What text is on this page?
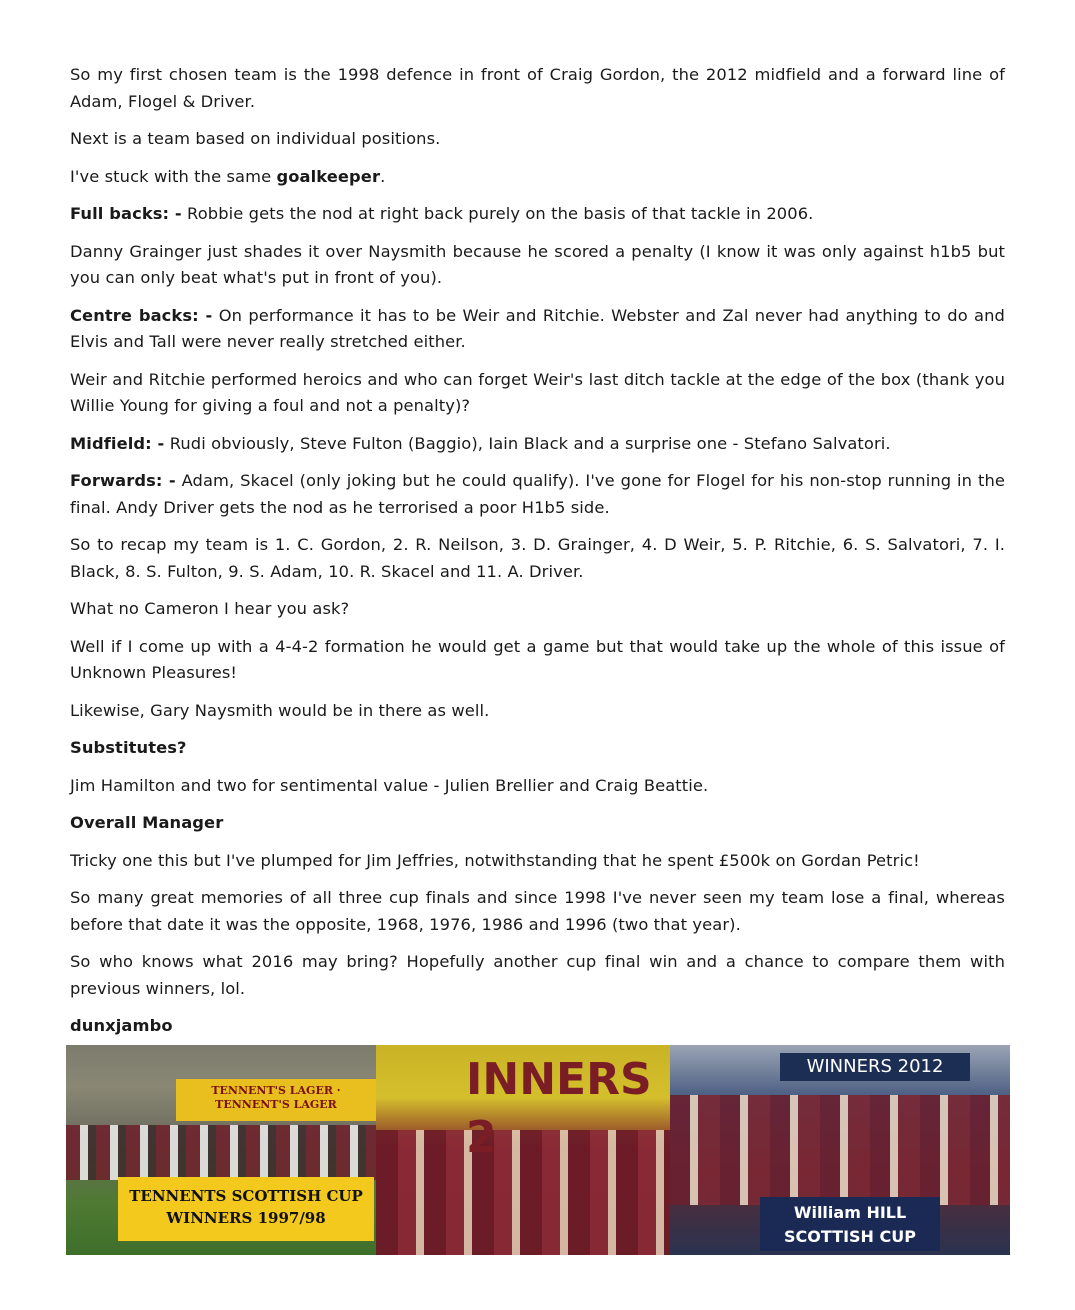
So my first chosen team is the 1998 defence in front of Craig Gordon, the 2012 midfield and a forward line of Adam, Flogel & Driver.

Next is a team based on individual positions.

I've stuck with the same goalkeeper.

Full backs: - Robbie gets the nod at right back purely on the basis of that tackle in 2006.

Danny Grainger just shades it over Naysmith because he scored a penalty (I know it was only against h1b5 but you can only beat what's put in front of you).

Centre backs: - On performance it has to be Weir and Ritchie. Webster and Zal never had anything to do and Elvis and Tall were never really stretched either.

Weir and Ritchie performed heroics and who can forget Weir's last ditch tackle at the edge of the box (thank you Willie Young for giving a foul and not a penalty)?

Midfield: - Rudi obviously, Steve Fulton (Baggio), Iain Black and a surprise one - Stefano Salvatori.

Forwards: - Adam, Skacel (only joking but he could qualify). I've gone for Flogel for his non-stop running in the final. Andy Driver gets the nod as he terrorised a poor H1b5 side.

So to recap my team is 1. C. Gordon, 2. R. Neilson, 3. D. Grainger, 4. D Weir, 5. P. Ritchie, 6. S. Salvatori, 7. I. Black, 8. S. Fulton, 9. S. Adam, 10. R. Skacel and 11. A. Driver.

What no Cameron I hear you ask?

Well if I come up with a 4-4-2 formation he would get a game but that would take up the whole of this issue of Unknown Pleasures!

Likewise, Gary Naysmith would be in there as well.

Substitutes?

Jim Hamilton and two for sentimental value - Julien Brellier and Craig Beattie.

Overall Manager

Tricky one this but I've plumped for Jim Jeffries, notwithstanding that he spent £500k on Gordan Petric!

So many great memories of all three cup finals and since 1998 I've never seen my team lose a final, whereas before that date it was the opposite, 1968, 1976, 1986 and 1996 (two that year).

So who knows what 2016 may bring? Hopefully another cup final win and a chance to compare them with previous winners, lol.

dunxjambo

TENNENT'S LAGER · TENNENT'S LAGER
TENNENTS SCOTTISH CUP
WINNERS 1997/98
INNERS 2
WINNERS 2012
William HILL
SCOTTISH CUP
